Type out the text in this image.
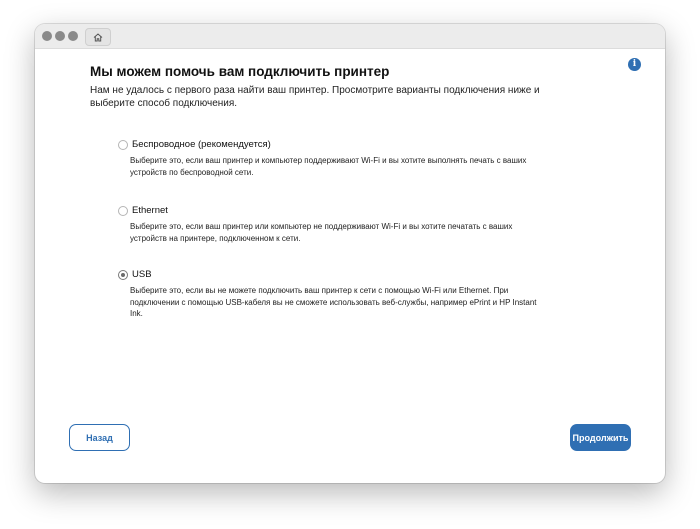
i
Мы можем помочь вам подключить принтер
Нам не удалось с первого раза найти ваш принтер. Просмотрите варианты подключения ниже и выберите способ подключения.
Беспроводное (рекомендуется)
Выберите это, если ваш принтер и компьютер поддерживают Wi-Fi и вы хотите выполнять печать с ваших устройств по беспроводной сети.
Ethernet
Выберите это, если ваш принтер или компьютер не поддерживают Wi-Fi и вы хотите печатать с ваших устройств на принтере, подключенном к сети.
USB
Выберите это, если вы не можете подключить ваш принтер к сети с помощью Wi-Fi или Ethernet. При подключении с помощью USB-кабеля вы не сможете использовать веб-службы, например ePrint и HP Instant Ink.
Назад	Продолжить
